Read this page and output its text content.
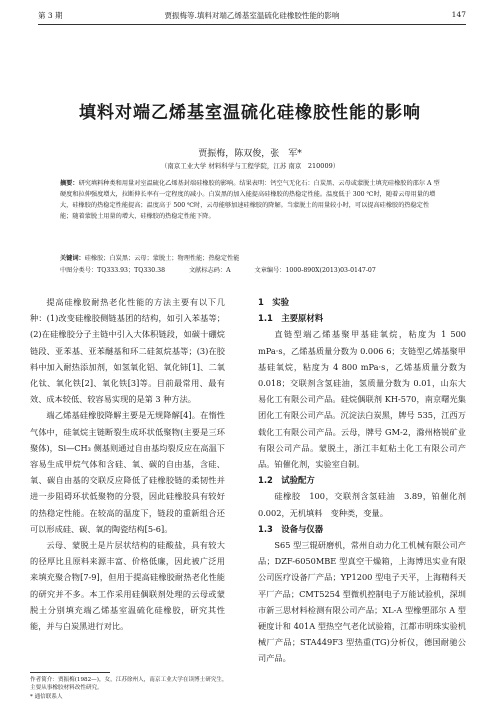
第 3 期	贾振梅等.填料对端乙烯基室温硫化硅橡胶性能的影响	147
填料对端乙烯基室温硫化硅橡胶性能的影响
贾振梅，陈双俊，张　军*
（南京工业大学 材料科学与工程学院，江苏 南京　210009）
摘要：研究填料种类和用量对室温硫化乙烯基封端硅橡胶的影响。结果表明：钙空气无化石：白炭黑、云母或蒙脱土填充硅橡胶的邵尔 A 型硬度和拉伸强度增大，拉断伸长率有一定程度的减小。白炭黑的加入能提高硅橡胶的热稳定性能。温度低于 300 ℃时，随着云母用量的增大，硅橡胶的热稳定性能提高；温度高于 500 ℃时，云母能够加速硅橡胶的降解。当蒙脱土的用量较小时，可以提高硅橡胶的热稳定性能；随着蒙脱土用量的增大，硅橡胶的热稳定性能下降。
关键词：硅橡胶；白炭黑；云母；蒙脱土；物理性能；热稳定性能
中图分类号：TQ333.93；TQ330.38	文献标志码：A	文章编号：1000-890X(2013)03-0147-07

提高硅橡胶耐热老化性能的方法主要有以下几种：(1)改变硅橡胶侧链基团的结构，如引入苯基等；(2)在硅橡胶分子主链中引入大体积链段，如碳十硼烷链段、亚苯基、亚苯醚基和环二硅氮烷基等；(3)在胶料中加入耐热添加剂，如氢氧化铝、氧化铈[1]、二氧化钛、氧化铁[2]、氧化铁[3]等。目前最常用、最有效、成本较低、较容易实现的是第 3 种方法。

端乙烯基硅橡胶降解主要是无规降解[4]。在惰性气体中，硅氧烷主链断裂生成环状低聚物(主要是三环聚体)，Si—CH₃ 侧基则通过自由基均裂反应在高温下容易生成甲烷气体和含硅、氧、碳的自由基，含硅、氧、碳自由基的交联反应降低了硅橡胶链的柔韧性并进一步阻碍环状低聚物的分裂，因此硅橡胶具有较好的热稳定性能。在较高的温度下，链段的重新组合还可以形成硅、碳、氧的陶瓷结构[5-6]。

云母、蒙脱土是片层状结构的硅酸盐，具有较大的径厚比且原料来源丰富、价格低廉，因此被广泛用来填充聚合物[7-9]，但用于提高硅橡胶耐热老化性能的研究并不多。本工作采用硅偶联剂处理的云母或蒙脱土分别填充端乙烯基室温硫化硅橡胶，研究其性能，并与白炭黑进行对比。

1　实验

1.1　主要原材料

直链型端乙烯基聚甲基硅氧烷，粘度为 1 500 mPa·s，乙烯基质量分数为 0.006 6；支链型乙烯基聚甲基硅氧烷，粘度为 4 800 mPa·s，乙烯基质量分数为 0.018；交联剂含氢硅油，氢质量分数为 0.01，山东大易化工有限公司产品。硅烷偶联剂 KH-570，南京曙光集团化工有限公司产品。沉淀法白炭黑，牌号 535，江西万载化工有限公司产品。云母，牌号 GM-2，滁州格锐矿业有限公司产品。蒙脱土，浙江丰虹粘土化工有限公司产品。铂催化剂，实验室自制。

1.2　试验配方

硅橡胶　100，交联剂含氢硅油　3.89，铂催化剂　0.002，无机填料　变种类，变量。

1.3　设备与仪器

S65 型三辊研磨机，常州自动力化工机械有限公司产品；DZF-6050MBE 型真空干燥箱，上海博迅实业有限公司医疗设备厂产品；YP1200 型电子天平，上海精科天平厂产品；CMT5254 型微机控制电子万能试验机，深圳市新三思材料检测有限公司产品；XL-A 型橡塑邵尔 A 型硬度计和 401A 型热空气老化试验箱，江都市明珠实验机械厂产品；STA449F3 型热重(TG)分析仪，德国耐驰公司产品。

作者简介：贾振梅(1982—)，女，江苏徐州人，南京工业大学在读博士研究生，主要从事橡胶材料改性研究。
* 通信联系人
